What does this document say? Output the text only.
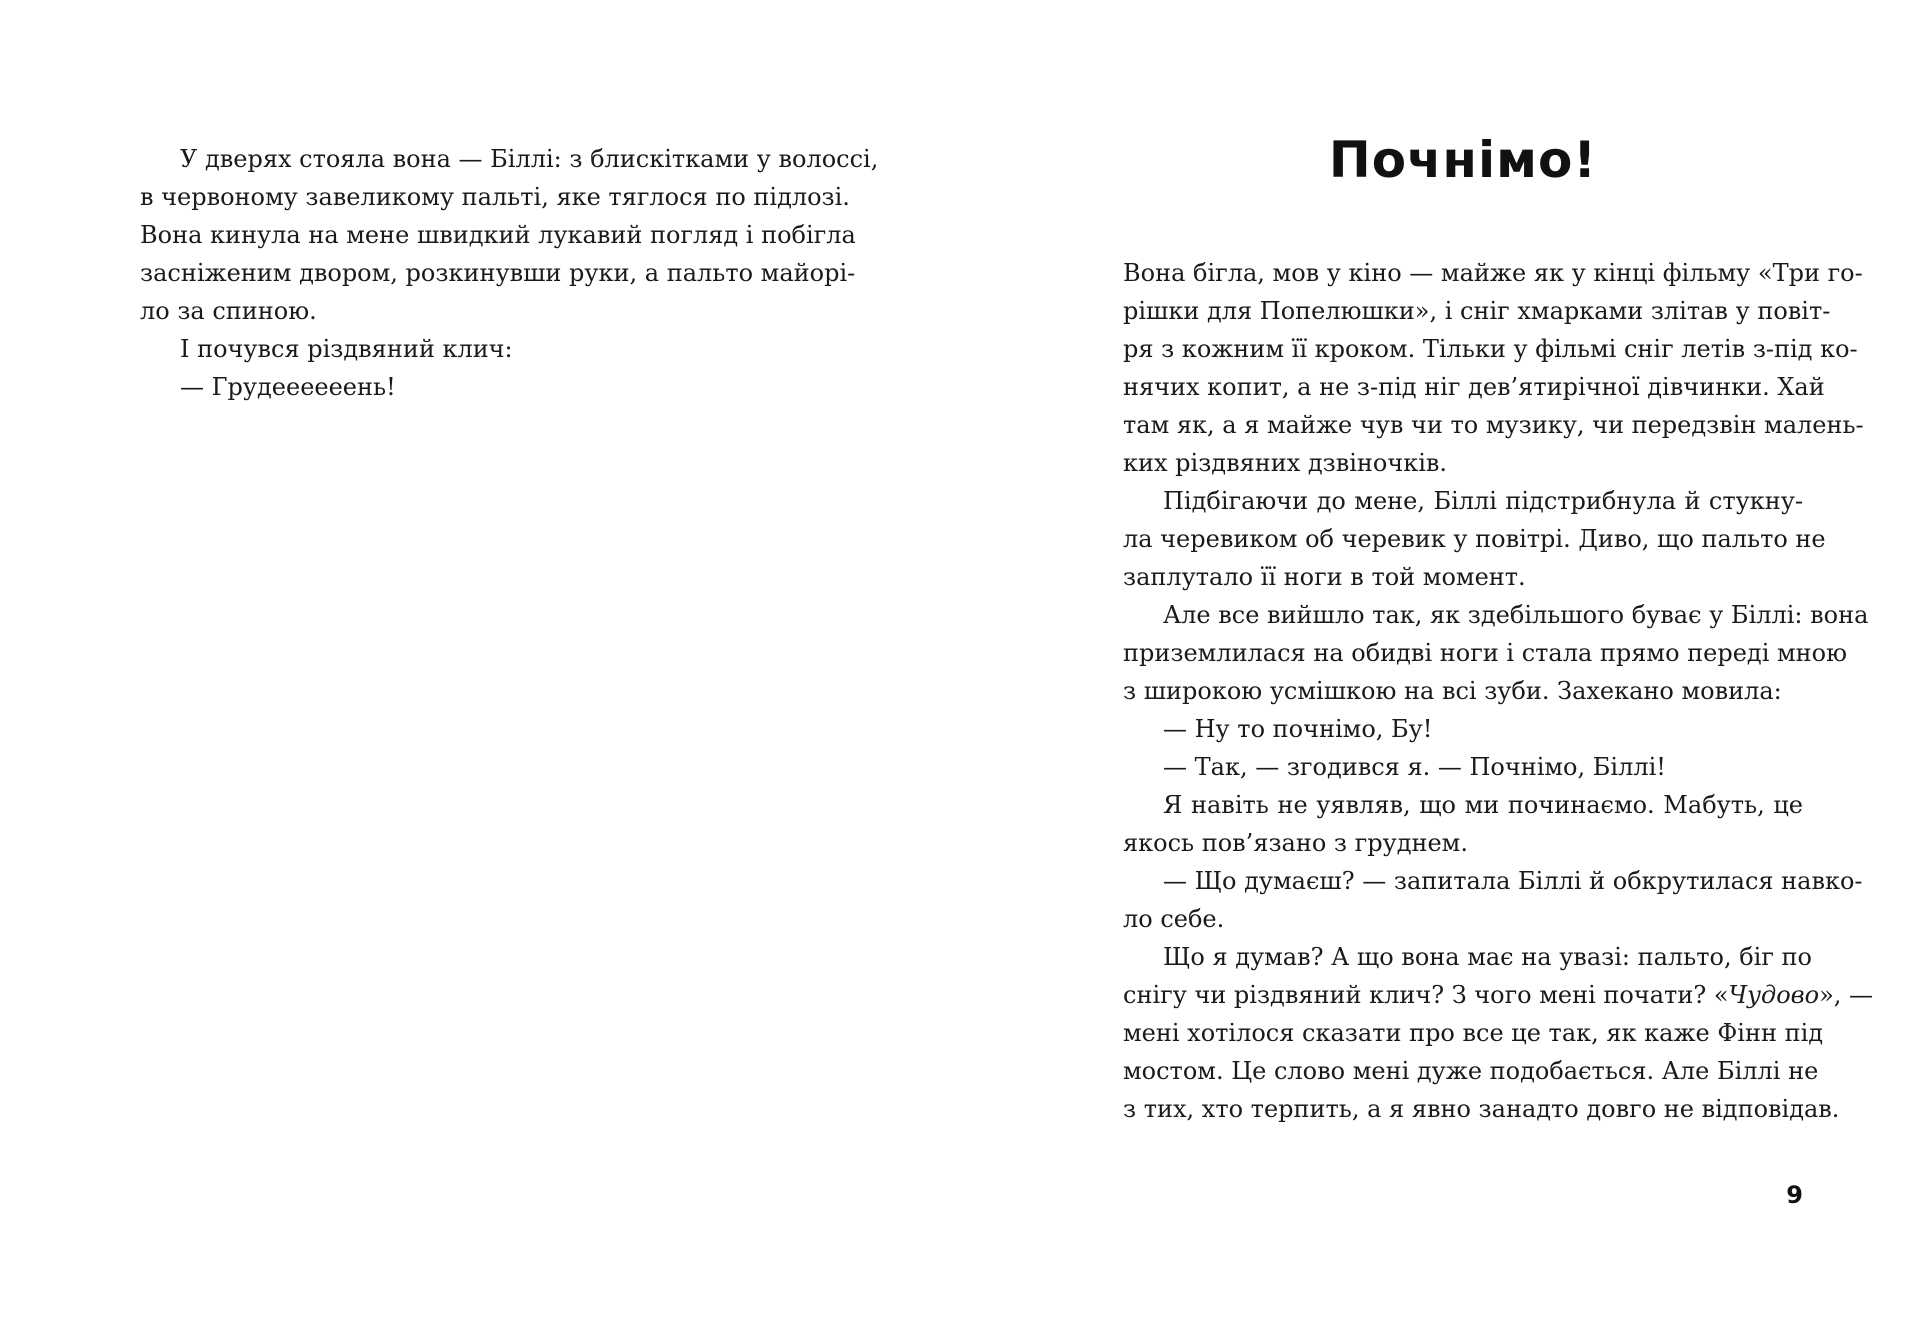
У дверях стояла вона — Біллі: з блискітками у волоссі,
в червоному завеликому пальті, яке тяглося по підлозі.
Вона кинула на мене швидкий лукавий погляд і побігла
засніженим двором, розкинувши руки, а пальто майорі-
ло за спиною.
І почувся різдвяний клич:
— Грудеееееень!
Почнімо!
Вона бігла, мов у кіно — майже як у кінці фільму «Три го-
рішки для Попелюшки», і сніг хмарками злітав у повіт-
ря з кожним її кроком. Тільки у фільмі сніг летів з-під ко-
нячих копит, а не з-під ніг дев’ятирічної дівчинки. Хай
там як, а я майже чув чи то музику, чи передзвін малень-
ких різдвяних дзвіночків.
Підбігаючи до мене, Біллі підстрибнула й стукну-
ла черевиком об черевик у повітрі. Диво, що пальто не
заплутало її ноги в той момент.
Але все вийшло так, як здебільшого буває у Біллі: вона
приземлилася на обидві ноги і стала прямо переді мною
з широкою усмішкою на всі зуби. Захекано мовила:
— Ну то почнімо, Бу!
— Так, — згодився я. — Почнімо, Біллі!
Я навіть не уявляв, що ми починаємо. Мабуть, це
якось пов’язано з груднем.
— Що думаєш? — запитала Біллі й обкрутилася навко-
ло себе.
Що я думав? А що вона має на увазі: пальто, біг по
снігу чи різдвяний клич? З чого мені почати? «Чудово», —
мені хотілося сказати про все це так, як каже Фінн під
мостом. Це слово мені дуже подобається. Але Біллі не
з тих, хто терпить, а я явно занадто довго не відповідав.
9
